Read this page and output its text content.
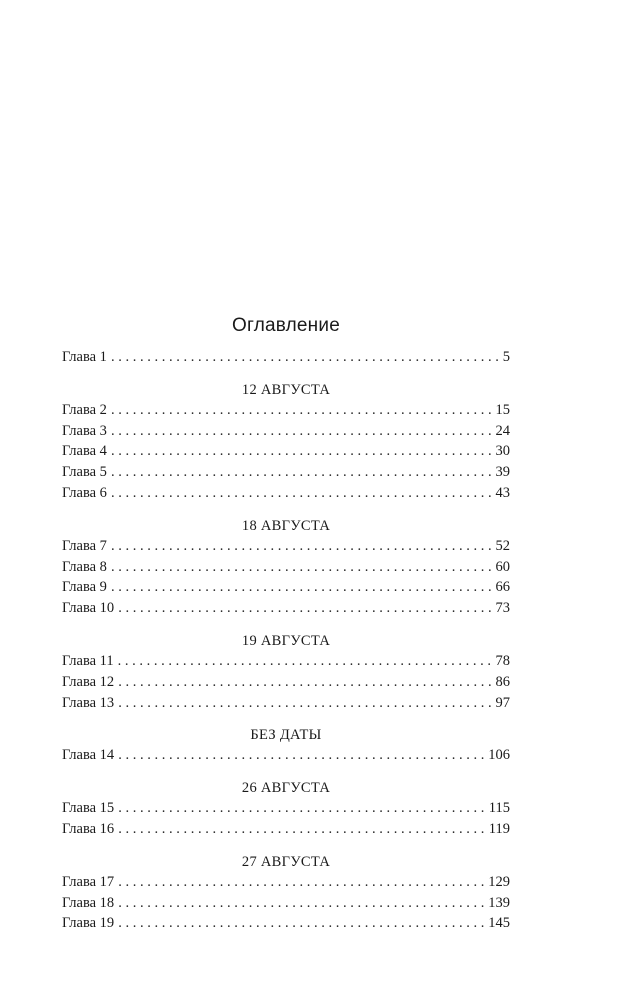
Оглавление
Глава 1 . . .	5
12 АВГУСТА
Глава 2 . . .	15
Глава 3 . . .	24
Глава 4 . . .	30
Глава 5 . . .	39
Глава 6 . . .	43
18 АВГУСТА
Глава 7 . . .	52
Глава 8 . . .	60
Глава 9 . . .	66
Глава 10 . . .	73
19 АВГУСТА
Глава 11 . . .	78
Глава 12 . . .	86
Глава 13 . . .	97
БЕЗ ДАТЫ
Глава 14 . . .	106
26 АВГУСТА
Глава 15 . . .	115
Глава 16 . . .	119
27 АВГУСТА
Глава 17 . . .	129
Глава 18 . . .	139
Глава 19 . . .	145
